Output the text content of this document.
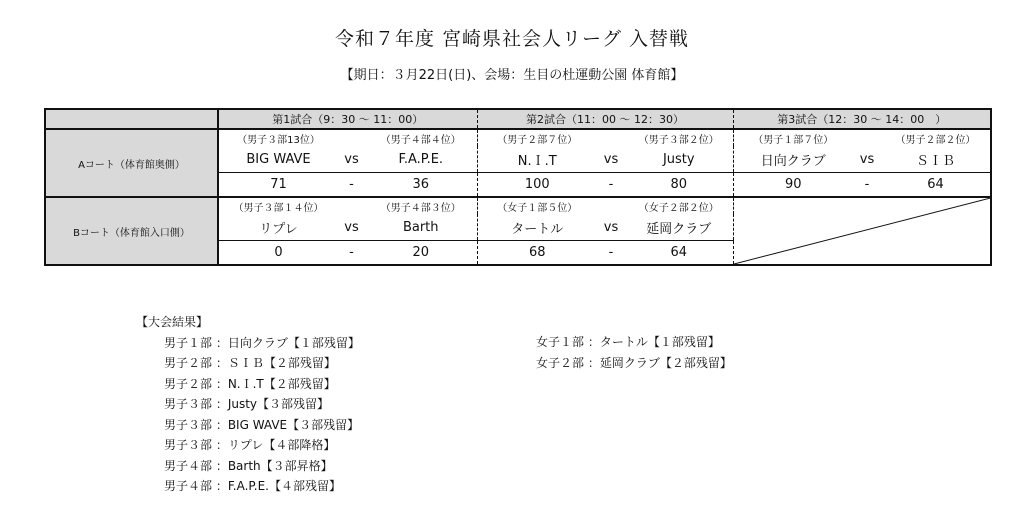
令和７年度 宮崎県社会人リーグ 入替戦
【期日：３月22日(日)、会場：生目の杜運動公園 体育館】
	第1試合（9：30 ～ 11：00）			第2試合（11：00 ～ 12：30）			第3試合（12：30 ～ 14：00　）		
Aコート（体育館奥側）	（男子３部13位）		（男子４部４位）	（男子２部７位）		（男子３部２位）	（男子１部７位）		（男子２部２位）
	BIG WAVE	vs	F.A.P.E.	N.Ｉ.T	vs	Justy	日向クラブ	vs	ＳＩＢ
	71	-	36	100	-	80	90	-	64
Bコート（体育館入口側）	（男子３部１４位）		（男子４部３位）	（女子１部５位）		（女子２部２位）	

	リプレ	vs	Barth	タートル	vs	延岡クラブ			
	0	-	20	68	-	64			
【大会結果】
男子１部 ：日向クラブ【１部残留】
男子２部 ：ＳＩＢ【２部残留】
男子２部 ：N.Ｉ.T【２部残留】
男子３部 ：Justy【３部残留】
男子３部 ：BIG WAVE【３部残留】
男子３部 ：リプレ【４部降格】
男子４部 ：Barth【３部昇格】
男子４部 ：F.A.P.E.【４部残留】
女子１部 ：タートル【１部残留】
女子２部 ：延岡クラブ【２部残留】
